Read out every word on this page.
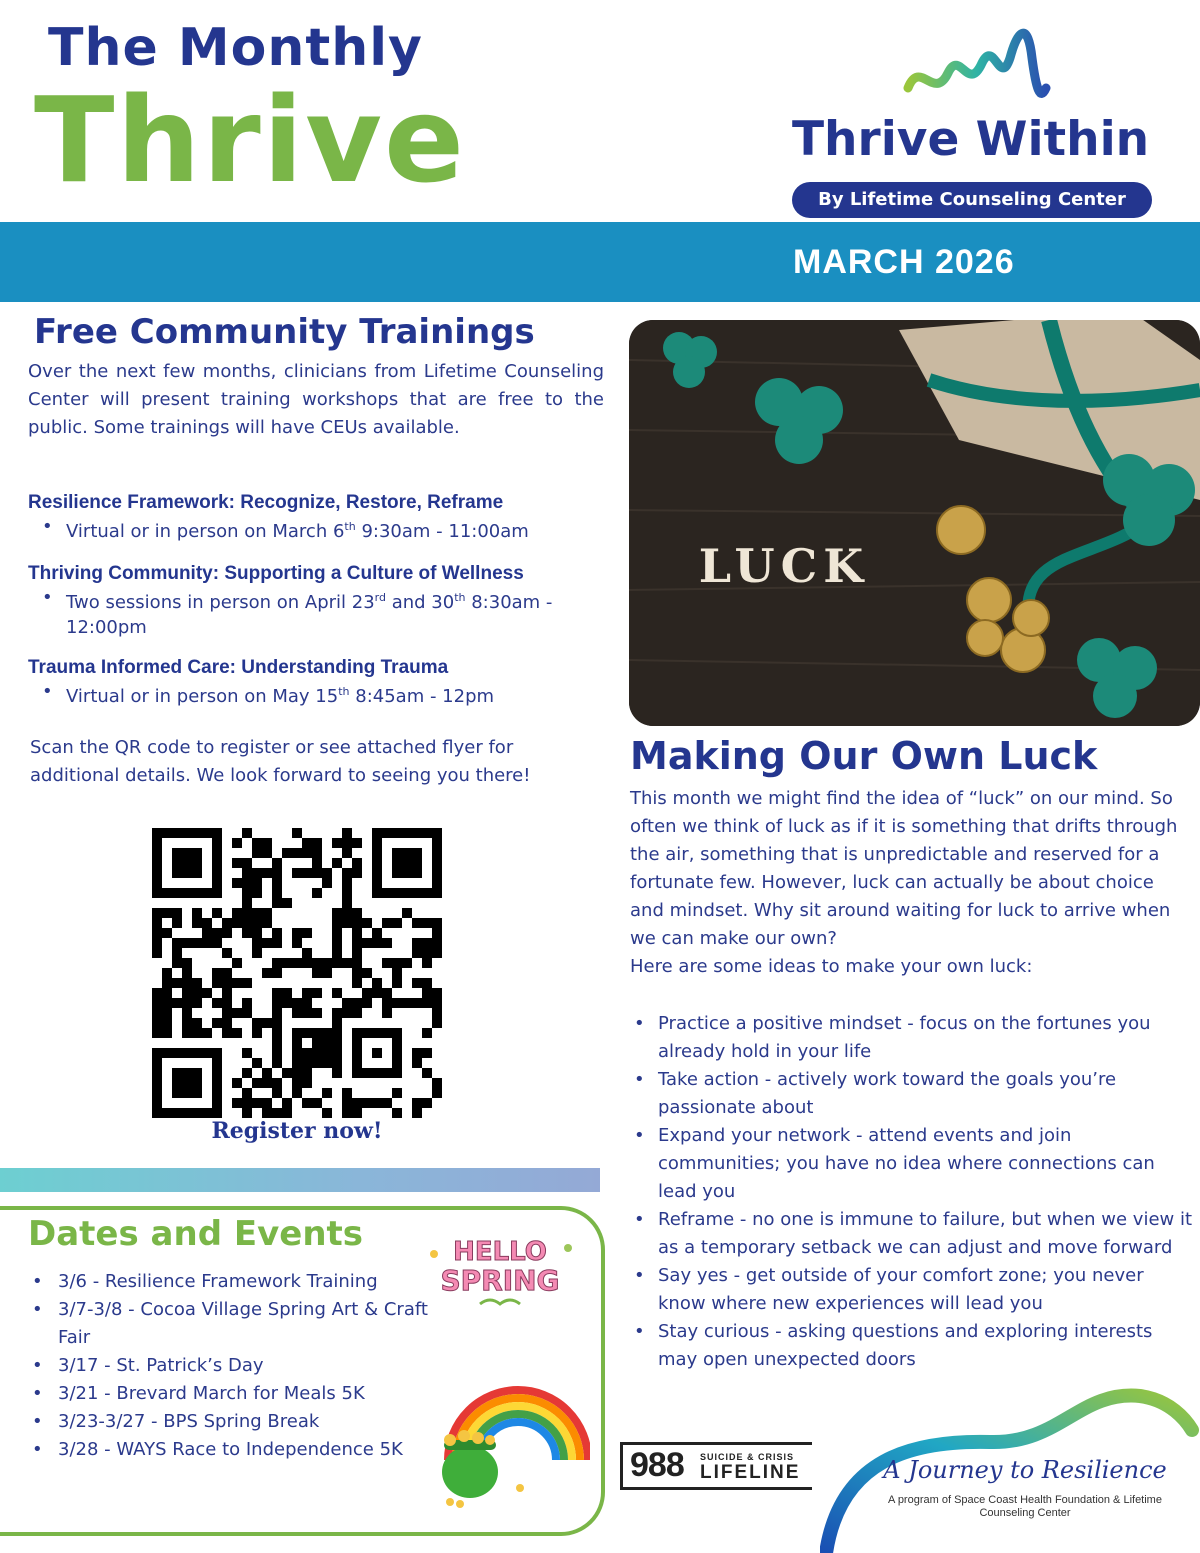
The Monthly
Thrive	Thrive Within
By Lifetime Counseling Center
MARCH 2026
Free Community Trainings
Over the next few months, clinicians from Lifetime Counseling Center will present training workshops that are free to the public. Some trainings will have CEUs available.
Resilience Framework: Recognize, Restore, Reframe
• Virtual or in person on March 6th 9:30am - 11:00am
Thriving Community: Supporting a Culture of Wellness
• Two sessions in person on April 23rd and 30th 8:30am - 12:00pm
Trauma Informed Care: Understanding Trauma
• Virtual or in person on May 15th 8:45am - 12pm
Scan the QR code to register or see attached flyer for additional details. We look forward to seeing you there!
Register now!
Dates and Events
• 3/6 - Resilience Framework Training
• 3/7-3/8 - Cocoa Village Spring Art & Craft Fair
• 3/17 - St. Patrick’s Day
• 3/21 - Brevard March for Meals 5K
• 3/23-3/27 - BPS Spring Break
• 3/28 - WAYS Race to Independence 5K
HELLO
SPRING
LUCK
Making Our Own Luck
This month we might find the idea of “luck” on our mind. So often we think of luck as if it is something that drifts through the air, something that is unpredictable and reserved for a fortunate few. However, luck can actually be about choice and mindset. Why sit around waiting for luck to arrive when we can make our own?
Here are some ideas to make your own luck:
• Practice a positive mindset - focus on the fortunes you already hold in your life
• Take action - actively work toward the goals you’re passionate about
• Expand your network - attend events and join communities; you have no idea where connections can lead you
• Reframe - no one is immune to failure, but when we view it as a temporary setback we can adjust and move forward
• Say yes - get outside of your comfort zone; you never know where new experiences will lead you
• Stay curious - asking questions and exploring interests may open unexpected doors
988 SUICIDE & CRISIS
LIFELINE	A Journey to Resilience
A program of Space Coast Health Foundation & Lifetime Counseling Center
